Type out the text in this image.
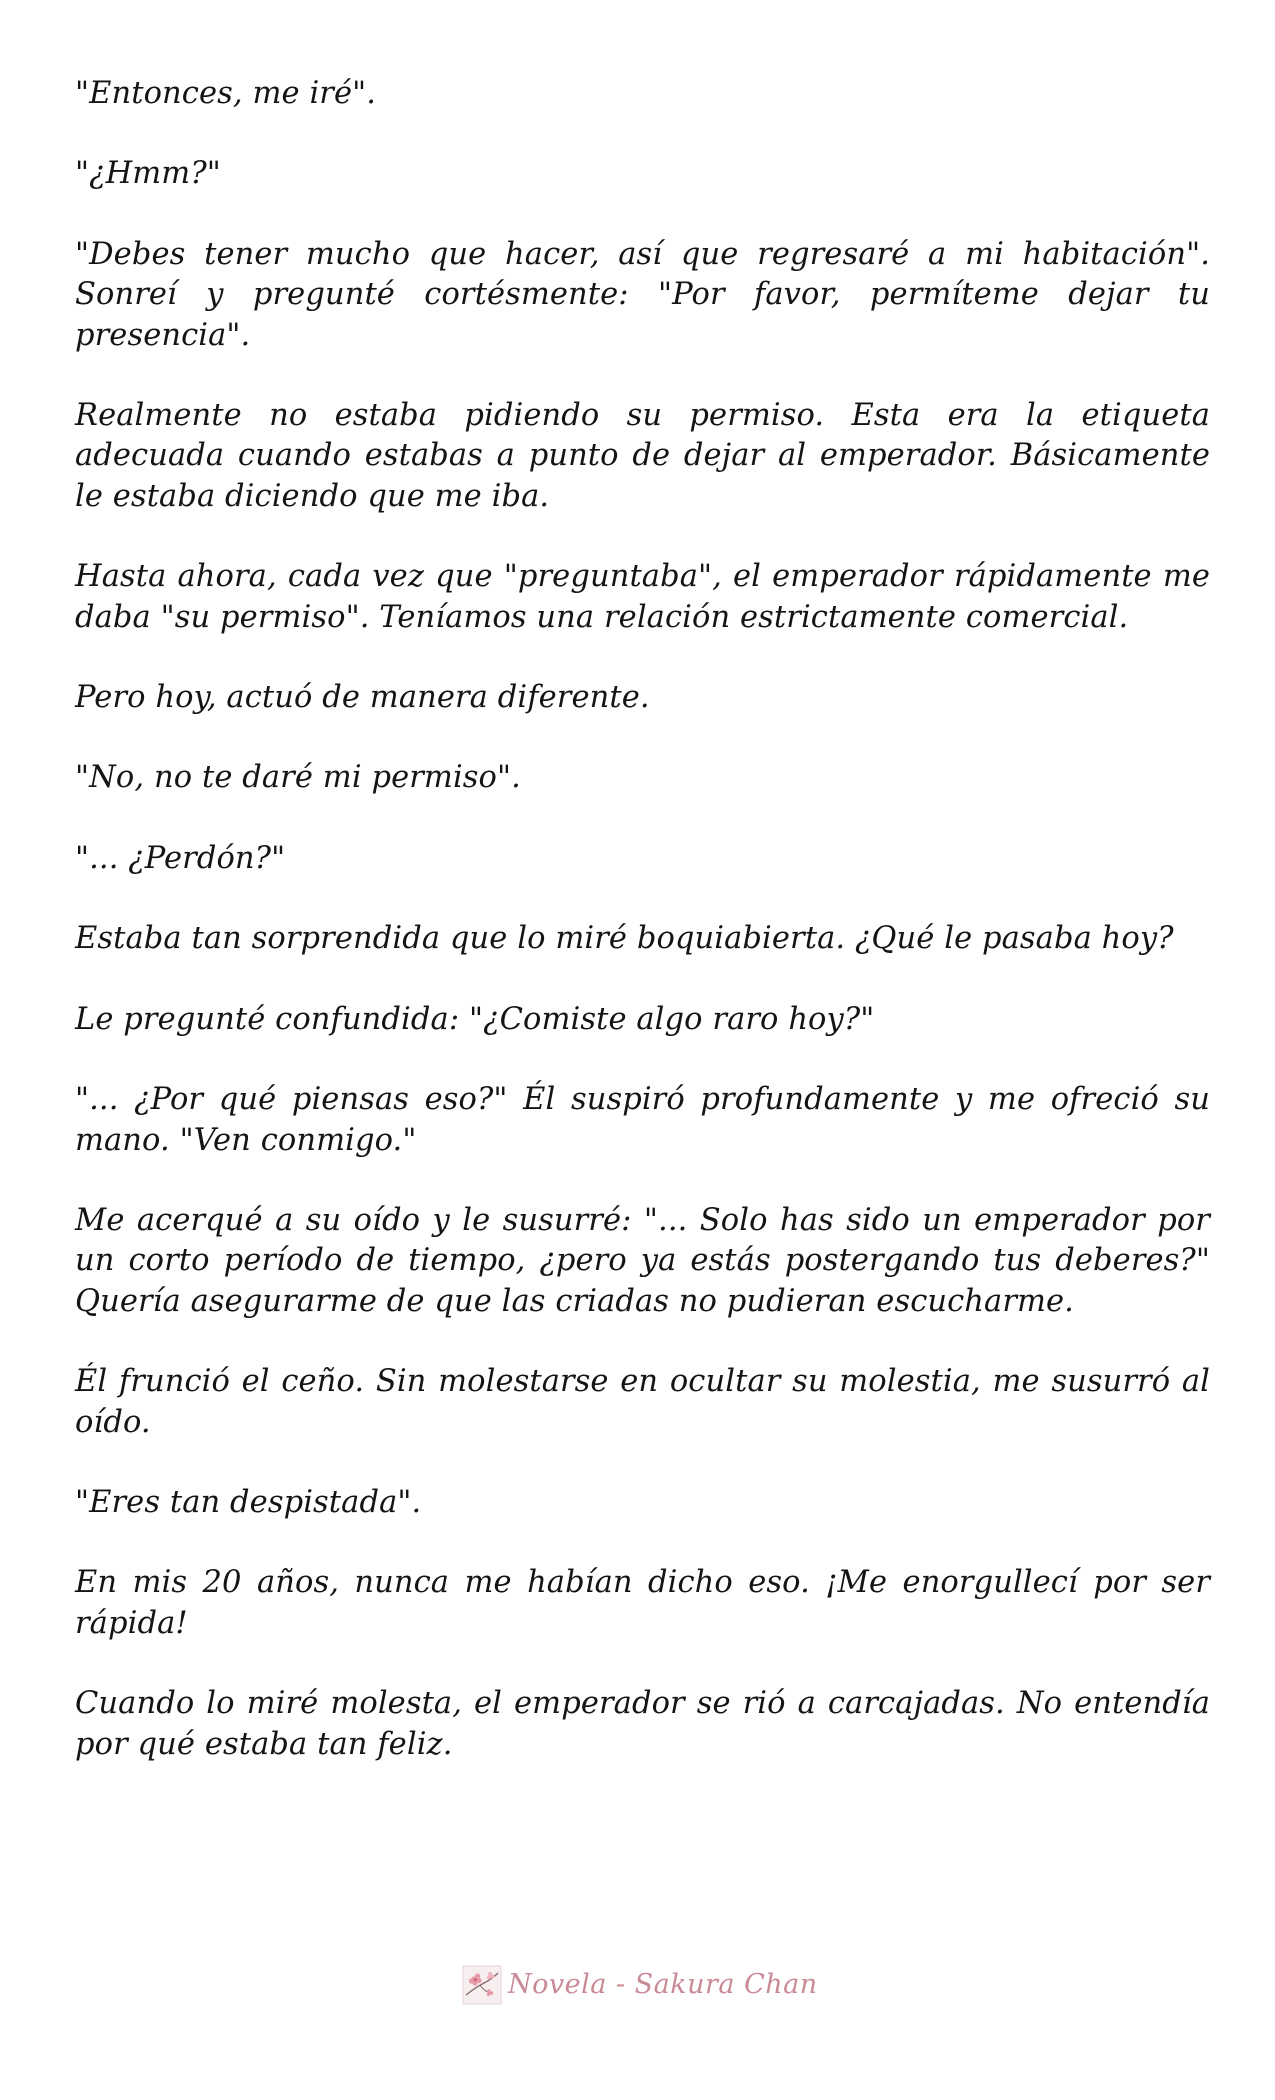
"Entonces, me iré".

"¿Hmm?"

"Debes tener mucho que hacer, así que regresaré a mi habitación". Sonreí y pregunté cortésmente: "Por favor, permíteme dejar tu presencia".

Realmente no estaba pidiendo su permiso. Esta era la etiqueta adecuada cuando estabas a punto de dejar al emperador. Básicamente le estaba diciendo que me iba.

Hasta ahora, cada vez que "preguntaba", el emperador rápidamente me daba "su permiso". Teníamos una relación estrictamente comercial.

Pero hoy, actuó de manera diferente.

"No, no te daré mi permiso".

"... ¿Perdón?"

Estaba tan sorprendida que lo miré boquiabierta. ¿Qué le pasaba hoy?

Le pregunté confundida: "¿Comiste algo raro hoy?"

"... ¿Por qué piensas eso?" Él suspiró profundamente y me ofreció su mano. "Ven conmigo."

Me acerqué a su oído y le susurré: "... Solo has sido un emperador por un corto período de tiempo, ¿pero ya estás postergando tus deberes?" Quería asegurarme de que las criadas no pudieran escucharme.

Él frunció el ceño. Sin molestarse en ocultar su molestia, me susurró al oído.

"Eres tan despistada".

En mis 20 años, nunca me habían dicho eso. ¡Me enorgullecí por ser rápida!

Cuando lo miré molesta, el emperador se rió a carcajadas. No entendía por qué estaba tan feliz.

Novela - Sakura Chan
